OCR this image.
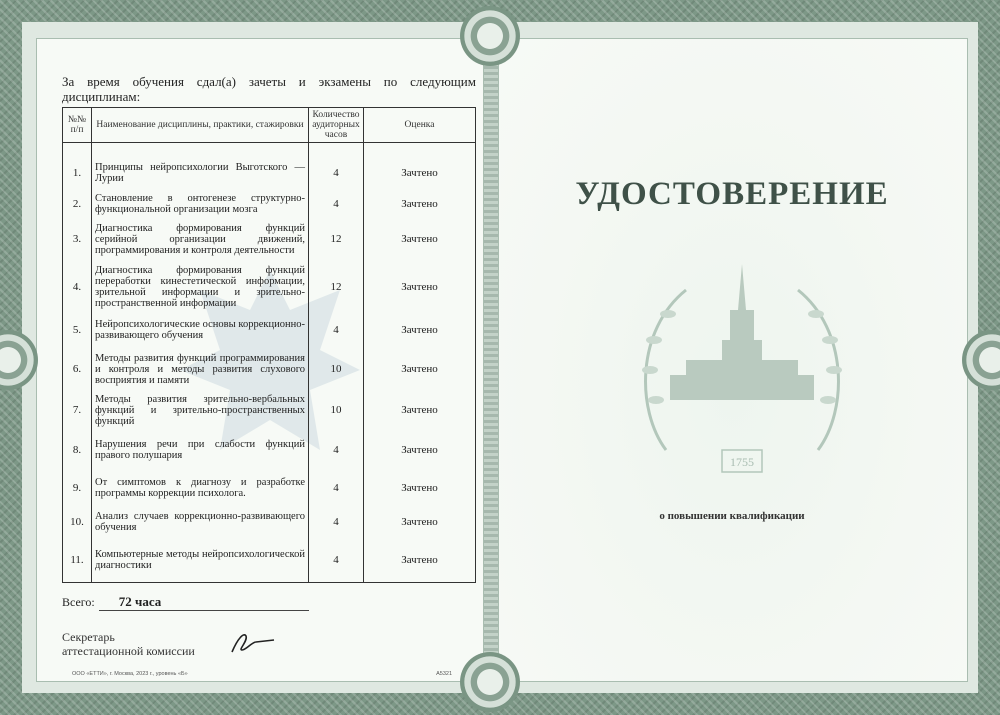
За время обучения сдал(а) зачеты и экзамены по следующим дисциплинам:
№№ п/п	Наименование дисциплины, практики, стажировки	Количество аудиторных часов	Оценка

1.	Принципы нейропсихологии Выготского — Лурии	4	Зачтено
2.	Становление в онтогенезе структурно-функциональной организации мозга	4	Зачтено
3.	Диагностика формирования функций серийной организации движений, программирования и контроля деятельности	12	Зачтено
4.	Диагностика формирования функций переработки кинестетической информации, зрительной информации и зрительно-пространственной информации	12	Зачтено
5.	Нейропсихологические основы коррекционно-развивающего обучения	4	Зачтено
6.	Методы развития функций программирования и контроля и методы развития слухового восприятия и памяти	10	Зачтено
7.	Методы развития зрительно-вербальных функций и зрительно-пространственных функций	10	Зачтено
8.	Нарушения речи при слабости функций правого полушария	4	Зачтено
9.	От симптомов к диагнозу и разработке программы коррекции психолога.	4	Зачтено
10.	Анализ случаев коррекционно-развивающего обучения	4	Зачтено
11.	Компьютерные методы нейропсихологической диагностики	4	Зачтено
Всего: 72 часа
Секретарь
аттестационной комиссии
ООО «ЕТТИ», г. Москва, 2023 г., уровень «Б»	А5321
УДОСТОВЕРЕНИЕ
1755
о повышении квалификации
